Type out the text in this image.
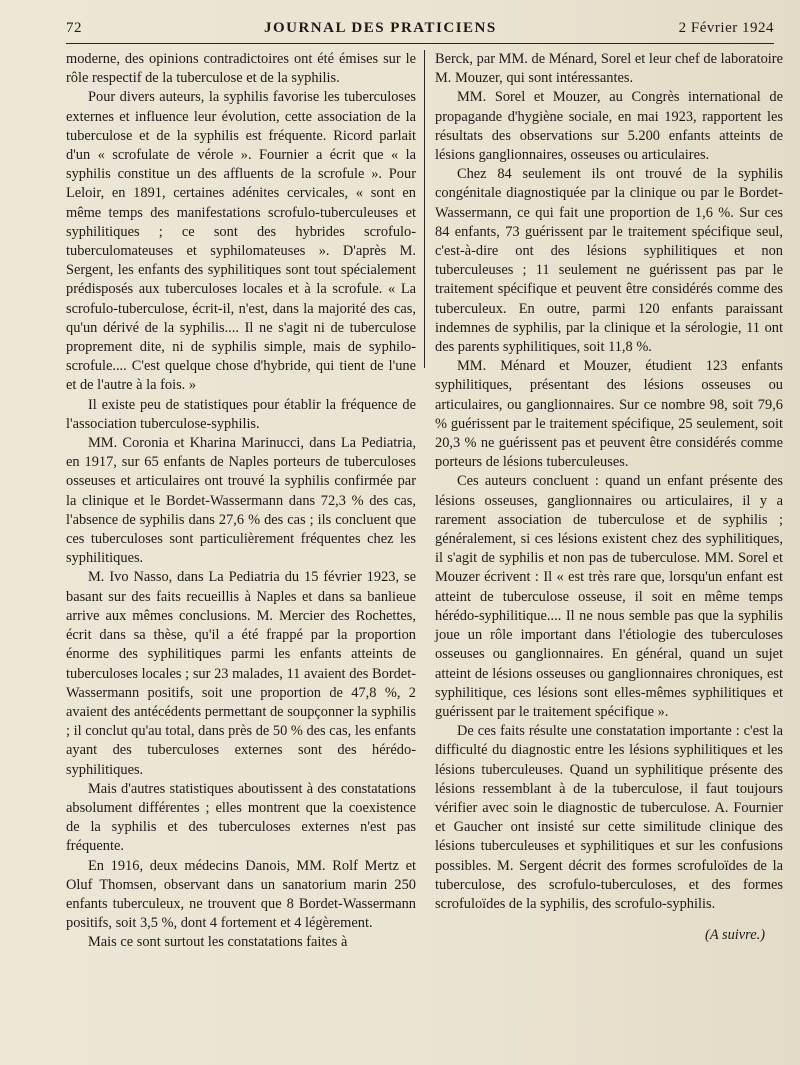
72	JOURNAL DES PRATICIENS	2 Février 1924

moderne, des opinions contradictoires ont été émises sur le rôle respectif de la tuberculose et de la syphilis.

Pour divers auteurs, la syphilis favorise les tuberculoses externes et influence leur évolution, cette association de la tuberculose et de la syphilis est fréquente. Ricord parlait d'un « scrofulate de vérole ». Fournier a écrit que « la syphilis constitue un des affluents de la scrofule ». Pour Leloir, en 1891, certaines adénites cervicales, « sont en même temps des manifestations scrofulo-tuberculeuses et syphilitiques ; ce sont des hybrides scrofulo-tuberculomateuses et syphilomateuses ». D'après M. Sergent, les enfants des syphilitiques sont tout spécialement prédisposés aux tuberculoses locales et à la scrofule. « La scrofulo-tuberculose, écrit-il, n'est, dans la majorité des cas, qu'un dérivé de la syphilis.... Il ne s'agit ni de tuberculose proprement dite, ni de syphilis simple, mais de syphilo-scrofule.... C'est quelque chose d'hybride, qui tient de l'une et de l'autre à la fois. »

Il existe peu de statistiques pour établir la fréquence de l'association tuberculose-syphilis.

MM. Coronia et Kharina Marinucci, dans La Pediatria, en 1917, sur 65 enfants de Naples porteurs de tuberculoses osseuses et articulaires ont trouvé la syphilis confirmée par la clinique et le Bordet-Wassermann dans 72,3 % des cas, l'absence de syphilis dans 27,6 % des cas ; ils concluent que ces tuberculoses sont particulièrement fréquentes chez les syphilitiques.

M. Ivo Nasso, dans La Pediatria du 15 février 1923, se basant sur des faits recueillis à Naples et dans sa banlieue arrive aux mêmes conclusions. M. Mercier des Rochettes, écrit dans sa thèse, qu'il a été frappé par la proportion énorme des syphilitiques parmi les enfants atteints de tuberculoses locales ; sur 23 malades, 11 avaient des Bordet-Wassermann positifs, soit une proportion de 47,8 %, 2 avaient des antécédents permettant de soupçonner la syphilis ; il conclut qu'au total, dans près de 50 % des cas, les enfants ayant des tuberculoses externes sont des hérédo-syphilitiques.

Mais d'autres statistiques aboutissent à des constatations absolument différentes ; elles montrent que la coexistence de la syphilis et des tuberculoses externes n'est pas fréquente.

En 1916, deux médecins Danois, MM. Rolf Mertz et Oluf Thomsen, observant dans un sanatorium marin 250 enfants tuberculeux, ne trouvent que 8 Bordet-Wassermann positifs, soit 3,5 %, dont 4 fortement et 4 légèrement.

Mais ce sont surtout les constatations faites à

Berck, par MM. de Ménard, Sorel et leur chef de laboratoire M. Mouzer, qui sont intéressantes.

MM. Sorel et Mouzer, au Congrès international de propagande d'hygiène sociale, en mai 1923, rapportent les résultats des observations sur 5.200 enfants atteints de lésions ganglionnaires, osseuses ou articulaires.

Chez 84 seulement ils ont trouvé de la syphilis congénitale diagnostiquée par la clinique ou par le Bordet-Wassermann, ce qui fait une proportion de 1,6 %. Sur ces 84 enfants, 73 guérissent par le traitement spécifique seul, c'est-à-dire ont des lésions syphilitiques et non tuberculeuses ; 11 seulement ne guérissent pas par le traitement spécifique et peuvent être considérés comme des tuberculeux. En outre, parmi 120 enfants paraissant indemnes de syphilis, par la clinique et la sérologie, 11 ont des parents syphilitiques, soit 11,8 %.

MM. Ménard et Mouzer, étudient 123 enfants syphilitiques, présentant des lésions osseuses ou articulaires, ou ganglionnaires. Sur ce nombre 98, soit 79,6 % guérissent par le traitement spécifique, 25 seulement, soit 20,3 % ne guérissent pas et peuvent être considérés comme porteurs de lésions tuberculeuses.

Ces auteurs concluent : quand un enfant présente des lésions osseuses, ganglionnaires ou articulaires, il y a rarement association de tuberculose et de syphilis ; généralement, si ces lésions existent chez des syphilitiques, il s'agit de syphilis et non pas de tuberculose. MM. Sorel et Mouzer écrivent : Il « est très rare que, lorsqu'un enfant est atteint de tuberculose osseuse, il soit en même temps hérédo-syphilitique.... Il ne nous semble pas que la syphilis joue un rôle important dans l'étiologie des tuberculoses osseuses ou ganglionnaires. En général, quand un sujet atteint de lésions osseuses ou ganglionnaires chroniques, est syphilitique, ces lésions sont elles-mêmes syphilitiques et guérissent par le traitement spécifique ».

De ces faits résulte une constatation importante : c'est la difficulté du diagnostic entre les lésions syphilitiques et les lésions tuberculeuses. Quand un syphilitique présente des lésions ressemblant à de la tuberculose, il faut toujours vérifier avec soin le diagnostic de tuberculose. A. Fournier et Gaucher ont insisté sur cette similitude clinique des lésions tuberculeuses et syphilitiques et sur les confusions possibles. M. Sergent décrit des formes scrofuloïdes de la tuberculose, des scrofulo-tuberculoses, et des formes scrofuloïdes de la syphilis, des scrofulo-syphilis.

(A suivre.)
